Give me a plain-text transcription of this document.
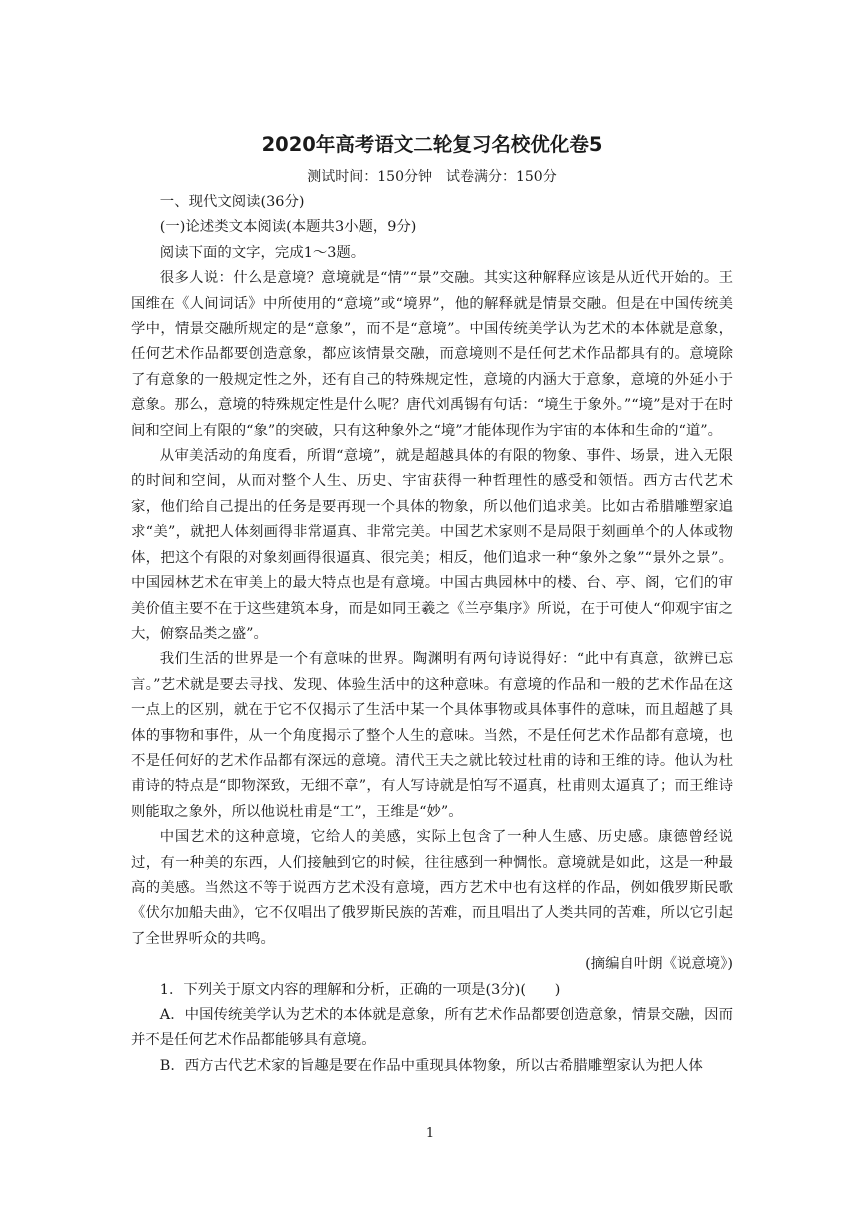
2020年高考语文二轮复习名校优化卷5
测试时间：150分钟　试卷满分：150分
一、现代文阅读(36分)
(一)论述类文本阅读(本题共3小题，9分)
阅读下面的文字，完成1～3题。

很多人说：什么是意境？意境就是“情”“景”交融。其实这种解释应该是从近代开始的。王国维在《人间词话》中所使用的“意境”或“境界”，他的解释就是情景交融。但是在中国传统美学中，情景交融所规定的是“意象”，而不是“意境”。中国传统美学认为艺术的本体就是意象，任何艺术作品都要创造意象，都应该情景交融，而意境则不是任何艺术作品都具有的。意境除了有意象的一般规定性之外，还有自己的特殊规定性，意境的内涵大于意象，意境的外延小于意象。那么，意境的特殊规定性是什么呢？唐代刘禹锡有句话：“境生于象外。”“境”是对于在时间和空间上有限的“象”的突破，只有这种象外之“境”才能体现作为宇宙的本体和生命的“道”。

从审美活动的角度看，所谓“意境”，就是超越具体的有限的物象、事件、场景，进入无限的时间和空间，从而对整个人生、历史、宇宙获得一种哲理性的感受和领悟。西方古代艺术家，他们给自己提出的任务是要再现一个具体的物象，所以他们追求美。比如古希腊雕塑家追求“美”，就把人体刻画得非常逼真、非常完美。中国艺术家则不是局限于刻画单个的人体或物体，把这个有限的对象刻画得很逼真、很完美；相反，他们追求一种“象外之象”“景外之景”。中国园林艺术在审美上的最大特点也是有意境。中国古典园林中的楼、台、亭、阁，它们的审美价值主要不在于这些建筑本身，而是如同王羲之《兰亭集序》所说，在于可使人“仰观宇宙之大，俯察品类之盛”。

我们生活的世界是一个有意味的世界。陶渊明有两句诗说得好：“此中有真意，欲辨已忘言。”艺术就是要去寻找、发现、体验生活中的这种意味。有意境的作品和一般的艺术作品在这一点上的区别，就在于它不仅揭示了生活中某一个具体事物或具体事件的意味，而且超越了具体的事物和事件，从一个角度揭示了整个人生的意味。当然，不是任何艺术作品都有意境，也不是任何好的艺术作品都有深远的意境。清代王夫之就比较过杜甫的诗和王维的诗。他认为杜甫诗的特点是“即物深致，无细不章”，有人写诗就是怕写不逼真，杜甫则太逼真了；而王维诗则能取之象外，所以他说杜甫是“工”，王维是“妙”。

中国艺术的这种意境，它给人的美感，实际上包含了一种人生感、历史感。康德曾经说过，有一种美的东西，人们接触到它的时候，往往感到一种惆怅。意境就是如此，这是一种最高的美感。当然这不等于说西方艺术没有意境，西方艺术中也有这样的作品，例如俄罗斯民歌《伏尔加船夫曲》，它不仅唱出了俄罗斯民族的苦难，而且唱出了人类共同的苦难，所以它引起了全世界听众的共鸣。

(摘编自叶朗《说意境》)

1．下列关于原文内容的理解和分析，正确的一项是(3分)(　　)

A．中国传统美学认为艺术的本体就是意象，所有艺术作品都要创造意象，情景交融，因而并不是任何艺术作品都能够具有意境。

B．西方古代艺术家的旨趣是要在作品中重现具体物象，所以古希腊雕塑家认为把人体

1
